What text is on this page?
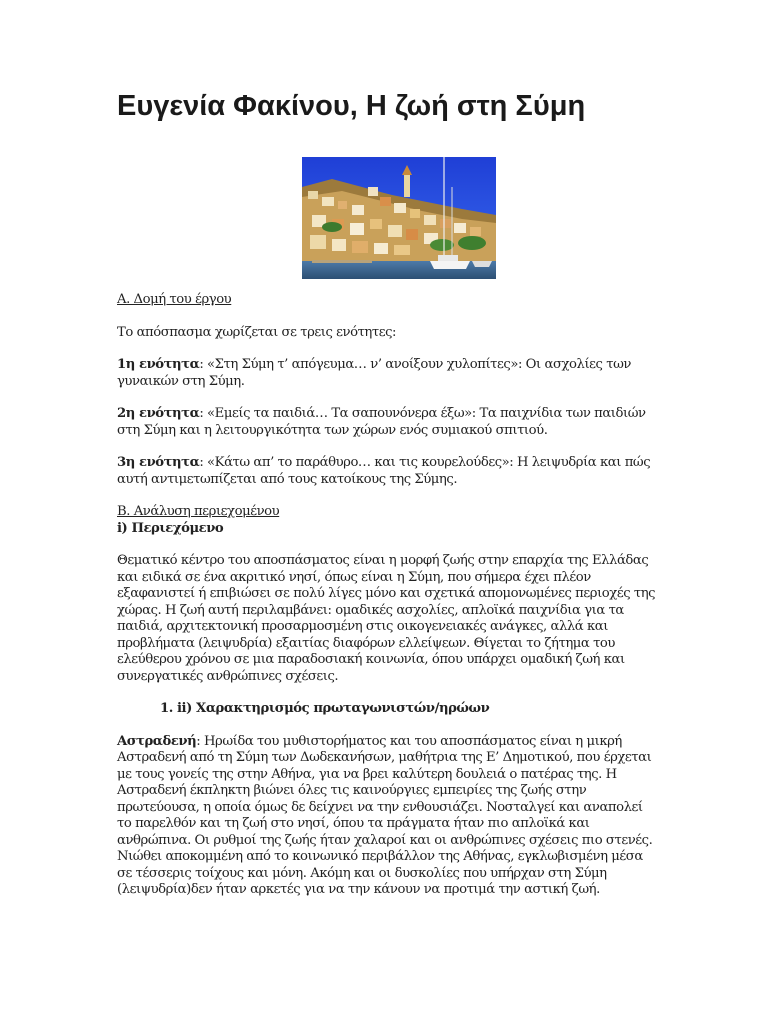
Ευγενία Φακίνου, Η ζωή στη Σύμη

Α. Δομή του έργου

Το απόσπασμα χωρίζεται σε τρεις ενότητες:

1η ενότητα: «Στη Σύμη τ’ απόγευμα… ν’ ανοίξουν χυλοπίτες»: Οι ασχολίες των γυναικών στη Σύμη.

2η ενότητα: «Εμείς τα παιδιά… Τα σαπουνόνερα έξω»: Τα παιχνίδια των παιδιών στη Σύμη και η λειτουργικότητα των χώρων ενός συμιακού σπιτιού.

3η ενότητα: «Κάτω απ’ το παράθυρο… και τις κουρελούδες»: Η λειψυδρία και πώς αυτή αντιμετωπίζεται από τους κατοίκους της Σύμης.

Β. Ανάλυση περιεχομένου

i) Περιεχόμενο

Θεματικό κέντρο του αποσπάσματος είναι η μορφή ζωής στην επαρχία της Ελλάδας και ειδικά σε ένα ακριτικό νησί, όπως είναι η Σύμη, που σήμερα έχει πλέον εξαφανιστεί ή επιβιώσει σε πολύ λίγες μόνο και σχετικά απομονωμένες περιοχές της χώρας. Η ζωή αυτή περιλαμβάνει: ομαδικές ασχολίες, απλοϊκά παιχνίδια για τα παιδιά, αρχιτεκτονική προσαρμοσμένη στις οικογενειακές ανάγκες, αλλά και προβλήματα (λειψυδρία) εξαιτίας διαφόρων ελλείψεων. Θίγεται το ζήτημα του ελεύθερου χρόνου σε μια παραδοσιακή κοινωνία, όπου υπάρχει ομαδική ζωή και συνεργατικές ανθρώπινες σχέσεις.

1. ii) Χαρακτηρισμός πρωταγωνιστών/ηρώων

Αστραδενή: Ηρωίδα του μυθιστορήματος και του αποσπάσματος είναι η μικρή Αστραδενή από τη Σύμη των Δωδεκανήσων, μαθήτρια της Ε’ Δημοτικού, που έρχεται με τους γονείς της στην Αθήνα, για να βρει καλύτερη δουλειά ο πατέρας της. Η Αστραδενή έκπληκτη βιώνει όλες τις καινούργιες εμπειρίες της ζωής στην πρωτεύουσα, η οποία όμως δε δείχνει να την ενθουσιάζει. Νοσταλγεί και αναπολεί το παρελθόν και τη ζωή στο νησί, όπου τα πράγματα ήταν πιο απλοϊκά και ανθρώπινα. Οι ρυθμοί της ζωής ήταν χαλαροί και οι ανθρώπινες σχέσεις πιο στενές. Νιώθει αποκομμένη από το κοινωνικό περιβάλλον της Αθήνας, εγκλωβισμένη μέσα σε τέσσερις τοίχους και μόνη. Ακόμη και οι δυσκολίες που υπήρχαν στη Σύμη (λειψυδρία)δεν ήταν αρκετές για να την κάνουν να προτιμά την αστική ζωή.
